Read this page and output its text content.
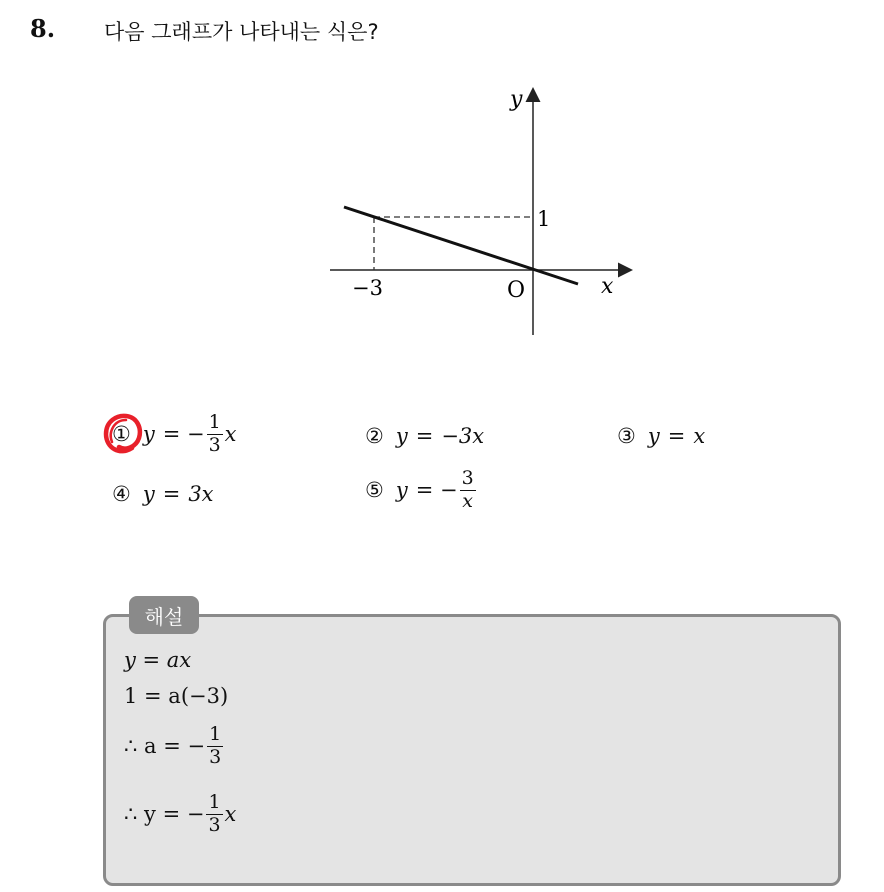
8. 다음 그래프가 나타내는 식은?
y
x
1
−3	O
① y = − $\frac{1}{3}$ x	② y = −3x	③ y = x
④ y = 3x	⑤ y = − $\frac{3}{x}$
해설
y = ax
1 = a(−3)
∴ a = − $\frac{1}{3}$
∴ y = − $\frac{1}{3}$ x
